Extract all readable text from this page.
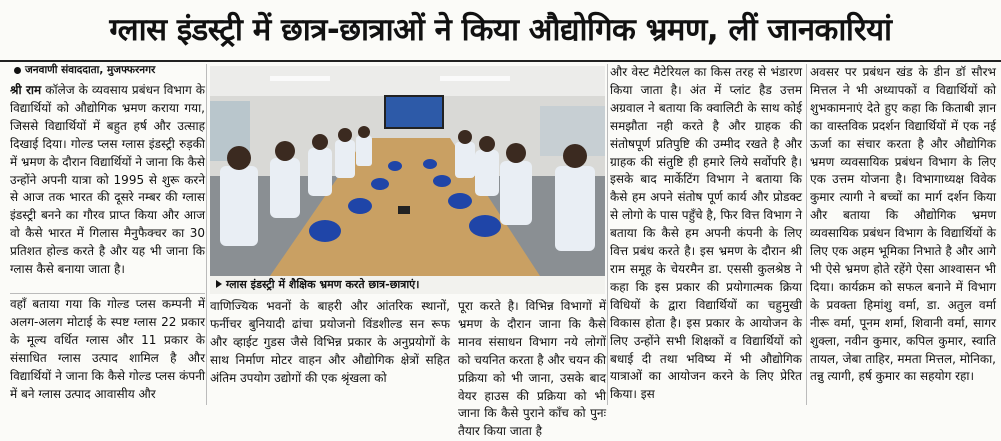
ग्लास इंडस्ट्री में छात्र-छात्राओं ने किया औद्योगिक भ्रमण, लीं जानकारियां
जनवाणी संवाददाता, मुजफ्फरनगर

श्री राम कॉलेज के व्यवसाय प्रबंधन विभाग के विद्यार्थियों को औद्योगिक भ्रमण कराया गया, जिससे विद्यार्थियों में बहुत हर्ष और उत्साह दिखाई दिया। गोल्ड प्लस ग्लास इंडस्ट्री रुड़की में भ्रमण के दौरान विद्यार्थियों ने जाना कि कैसे उन्होंने अपनी यात्रा को 1995 से शुरू करने से आज तक भारत की दूसरे नम्बर की ग्लास इंडस्ट्री बनने का गौरव प्राप्त किया और आज वो कैसे भारत में गिलास मैनुफैक्चर का 30 प्रतिशत होल्ड करते है और यह भी जाना कि ग्लास कैसे बनाया जाता है।

वहाँ बताया गया कि गोल्ड प्लस कम्पनी में अलग-अलग मोटाई के स्पष्ट ग्लास 22 प्रकार के मूल्य वर्धित ग्लास और 11 प्रकार के संसाधित ग्लास उत्पाद शामिल है और विद्यार्थियों ने जाना कि कैसे गोल्ड प्लस कंपनी में बने ग्लास उत्पाद आवासीय और

ग्लास इंडस्ट्री में शैक्षिक भ्रमण करते छात्र-छात्राएं।

वाणिज्यिक भवनों के बाहरी और आंतरिक स्थानों, फर्नीचर बुनियादी ढांचा प्रयोजनो विंडशील्ड सन रूफ और व्हाईट गुडस जैसे विभिन्न प्रकार के अनुप्रयोगों के साथ निर्माण मोटर वाहन और औद्योगिक क्षेत्रों सहित अंतिम उपयोग उद्योगों की एक श्रृंखला को

पूरा करते है। विभिन्न विभागों में भ्रमण के दौरान जाना कि कैसे मानव संसाधन विभाग नये लोगों को चयनित करता है और चयन की प्रक्रिया को भी जाना, उसके बाद वेयर हाउस की प्रक्रिया को भी जाना कि कैसे पुराने कॉंच को पुनः तैयार किया जाता है

और वेस्ट मैटेरियल का किस तरह से भंडारण किया जाता है। अंत में प्लांट हैड उत्तम अग्रवाल ने बताया कि क्वालिटी के साथ कोई समझौता नही करते है और ग्राहक की संतोषपूर्ण प्रतिपुष्टि की उम्मीद रखते है और ग्राहक की संतुष्टि ही हमारे लिये सर्वोपरि है। इसके बाद मार्केटिंग विभाग ने बताया कि कैसे हम अपने संतोष पूर्ण कार्य और प्रोडक्ट से लोगो के पास पहुँचे है, फिर वित्त विभाग ने बताया कि कैसे हम अपनी कंपनी के लिए वित्त प्रबंध करते है। इस भ्रमण के दौरान श्री राम समूह के चेयरमैन डा. एससी कुलश्रेष्ठ ने कहा कि इस प्रकार की प्रयोगात्मक क्रिया विधियों के द्वारा विद्यार्थियों का चहुमुखी विकास होता है। इस प्रकार के आयोजन के लिए उन्होंने सभी शिक्षकों व विद्यार्थियों को बधाई दी तथा भविष्य में भी औद्योगिक यात्राओं का आयोजन करने के लिए प्रेरित किया। इस

अवसर पर प्रबंधन खंड के डीन डॉ सौरभ मित्तल ने भी अध्यापकों व विद्यार्थियों को शुभकामनाएं देते हुए कहा कि किताबी ज्ञान का वास्तविक प्रदर्शन विद्यार्थियों में एक नई ऊर्जा का संचार करता है और औद्योगिक भ्रमण व्यवसायिक प्रबंधन विभाग के लिए एक उत्तम योजना है। विभागाध्यक्ष विवेक कुमार त्यागी ने बच्चों का मार्ग दर्शन किया और बताया कि औद्योगिक भ्रमण व्यवसायिक प्रबंधन विभाग के विद्यार्थियों के लिए एक अहम भूमिका निभाते है और आगे भी ऐसे भ्रमण होते रहेंगे ऐसा आश्वासन भी दिया। कार्यक्रम को सफल बनाने में विभाग के प्रवक्ता हिमांशु वर्मा, डा. अतुल वर्मा नीरू वर्मा, पूनम शर्मा, शिवानी वर्मा, सागर शुक्ला, नवीन कुमार, कपिल कुमार, स्वाति तायल, जेबा ताहिर, ममता मित्तल, मोनिका, तन्नु त्यागी, हर्ष कुमार का सहयोग रहा।
